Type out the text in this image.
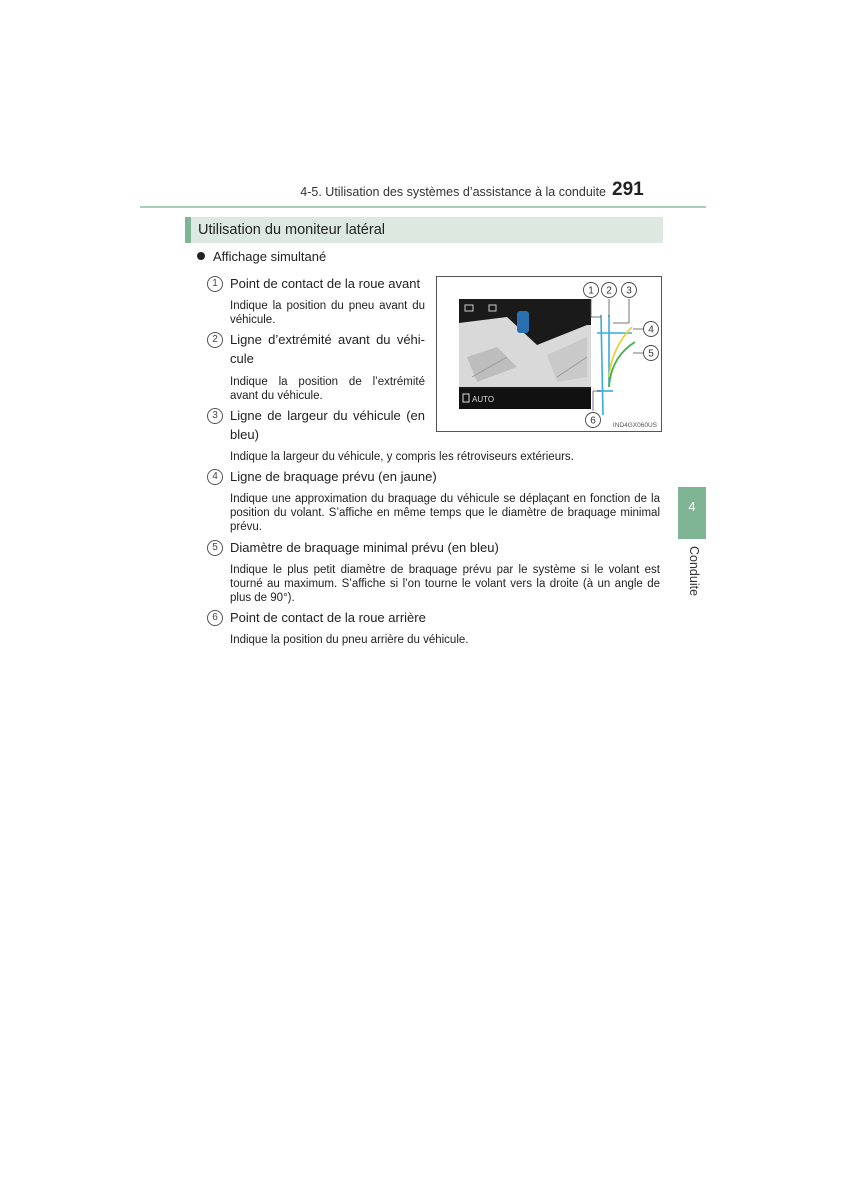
4-5. Utilisation des systèmes d’assistance à la conduite 291
Utilisation du moniteur latéral
Affichage simultané
1 Point de contact de la roue avant
Indique la position du pneu avant du véhicule.
2 Ligne d’extrémité avant du véhi-
cule
Indique la position de l’extrémité avant du véhicule.
3 Ligne de largeur du véhicule (en
bleu)
Indique la largeur du véhicule, y compris les rétroviseurs extérieurs.
4 Ligne de braquage prévu (en jaune)
Indique une approximation du braquage du véhicule se déplaçant en fonction de la position du volant. S’affiche en même temps que le diamètre de braquage minimal prévu.
5 Diamètre de braquage minimal prévu (en bleu)
Indique le plus petit diamètre de braquage prévu par le système si le volant est tourné au maximum. S’affiche si l’on tourne le volant vers la droite (à un angle de plus de 90°).
6 Point de contact de la roue arrière
Indique la position du pneu arrière du véhicule.
AUTO
1 2 3
4
5
6	IND4GX060US
4
Conduite
